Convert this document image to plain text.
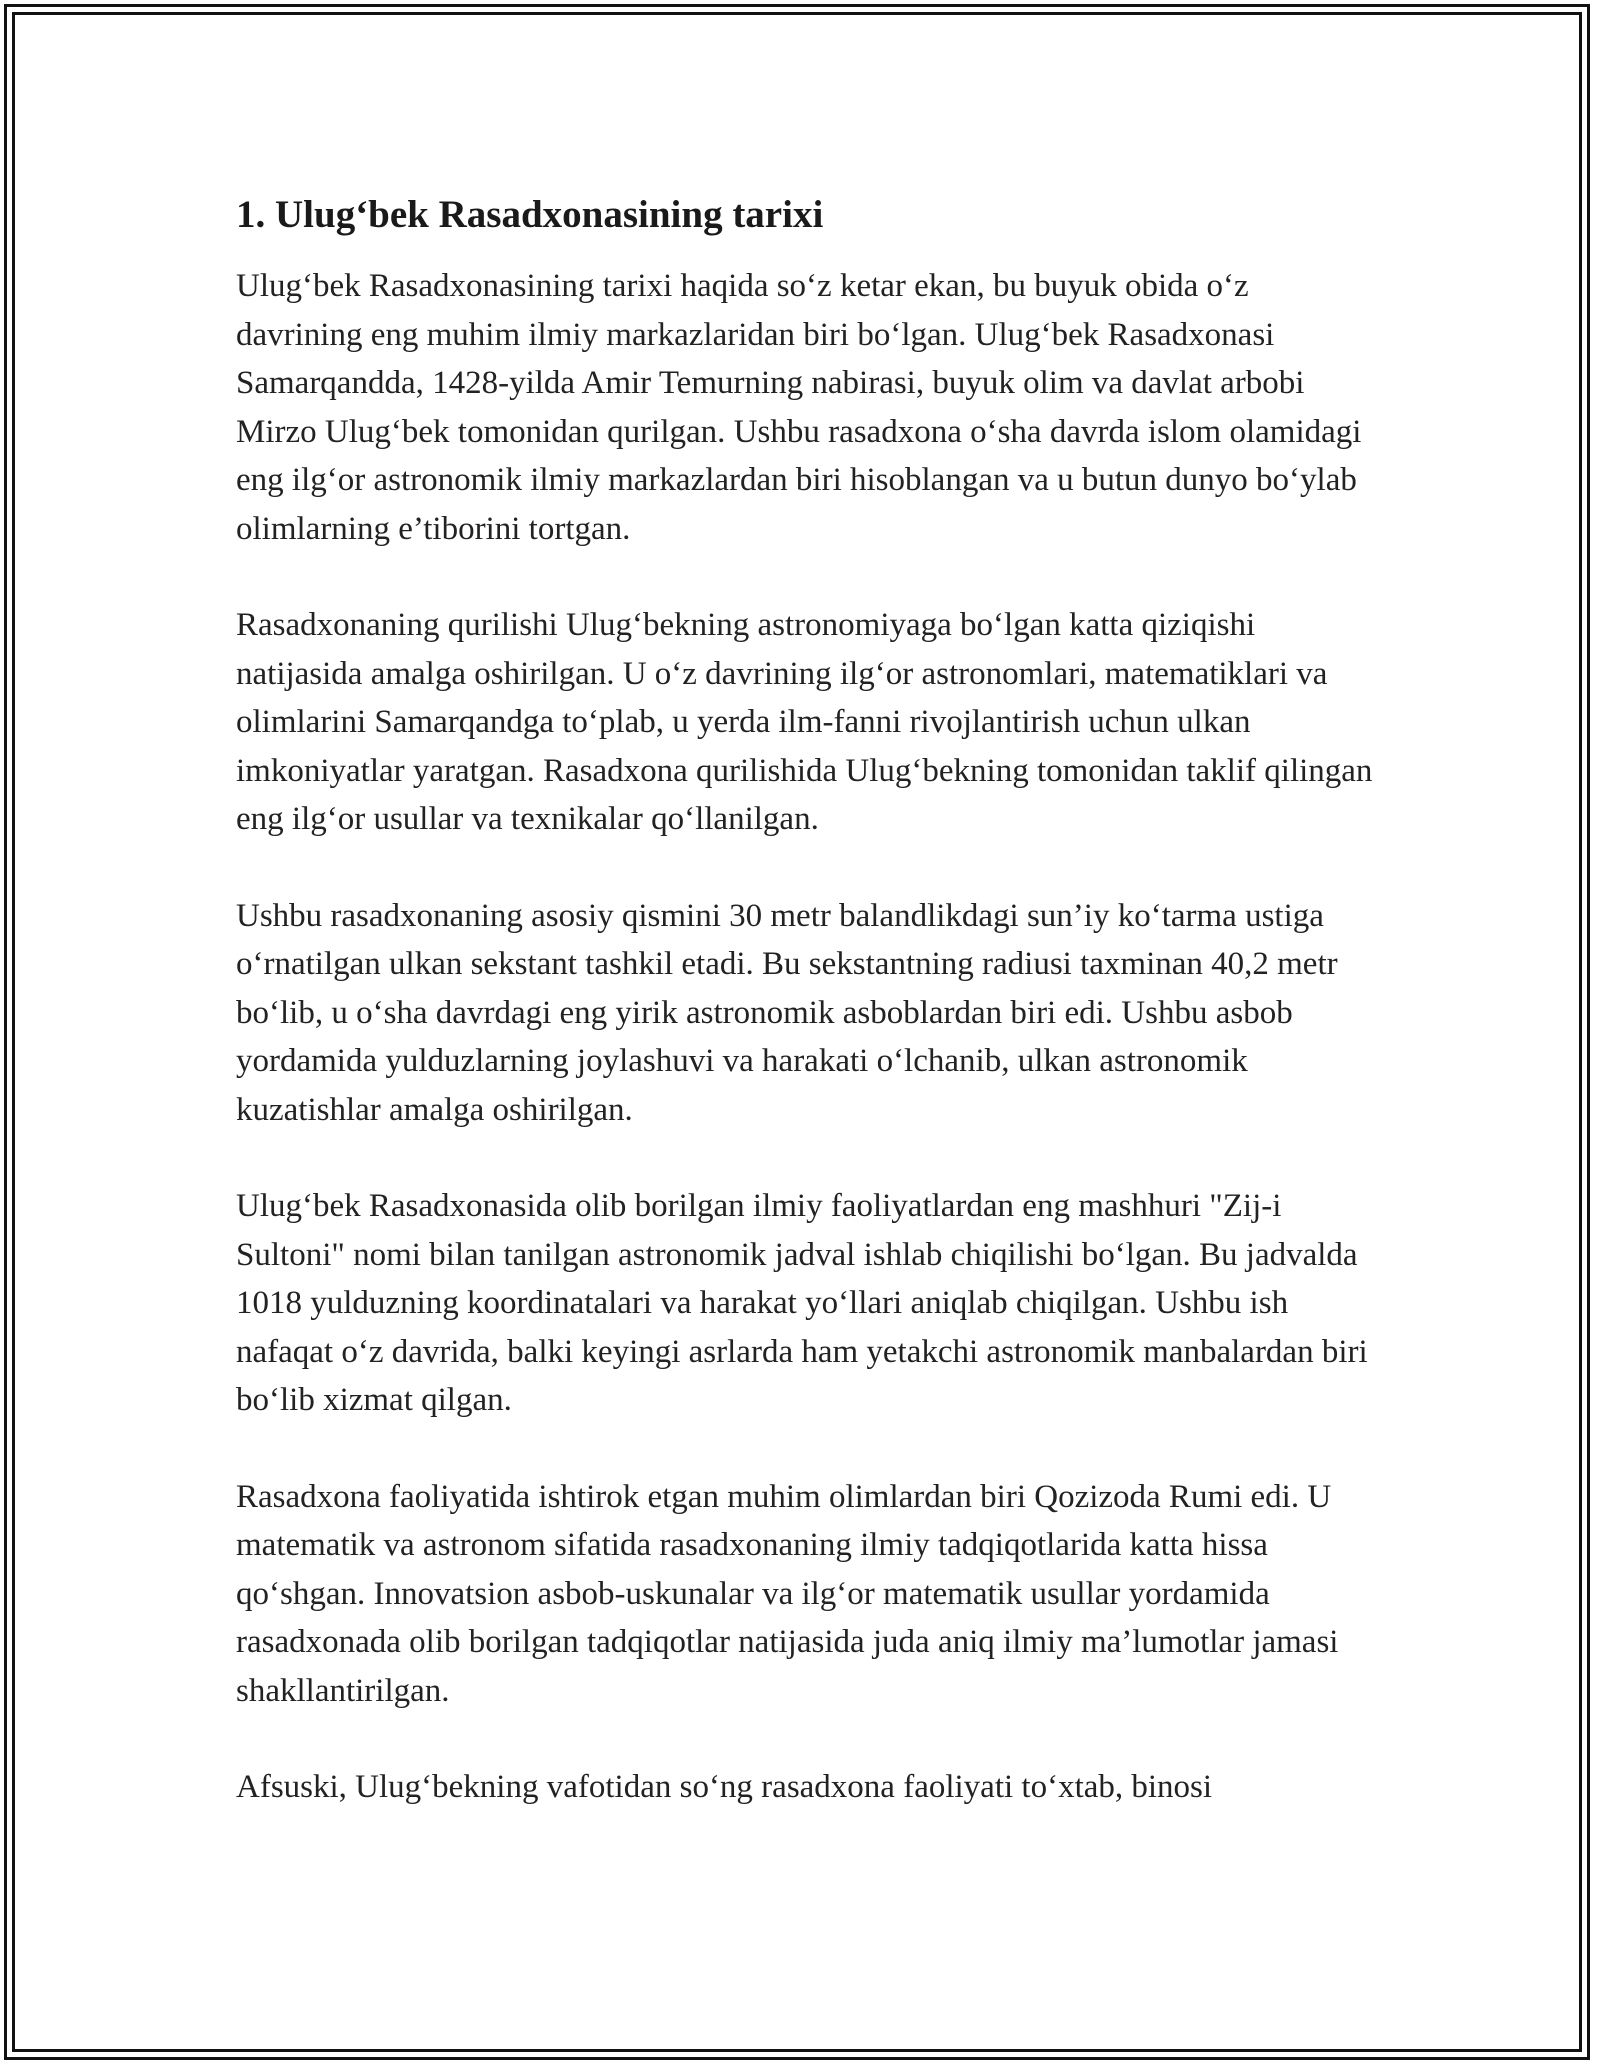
1. Ulug‘bek Rasadxonasining tarixi

Ulug‘bek Rasadxonasining tarixi haqida so‘z ketar ekan, bu buyuk obida o‘z davrining eng muhim ilmiy markazlaridan biri bo‘lgan. Ulug‘bek Rasadxonasi Samarqandda, 1428-yilda Amir Temurning nabirasi, buyuk olim va davlat arbobi Mirzo Ulug‘bek tomonidan qurilgan. Ushbu rasadxona o‘sha davrda islom olamidagi eng ilg‘or astronomik ilmiy markazlardan biri hisoblangan va u butun dunyo bo‘ylab olimlarning e’tiborini tortgan.

Rasadxonaning qurilishi Ulug‘bekning astronomiyaga bo‘lgan katta qiziqishi natijasida amalga oshirilgan. U o‘z davrining ilg‘or astronomlari, matematiklari va olimlarini Samarqandga to‘plab, u yerda ilm-fanni rivojlantirish uchun ulkan imkoniyatlar yaratgan. Rasadxona qurilishida Ulug‘bekning tomonidan taklif qilingan eng ilg‘or usullar va texnikalar qo‘llanilgan.

Ushbu rasadxonaning asosiy qismini 30 metr balandlikdagi sun’iy ko‘tarma ustiga o‘rnatilgan ulkan sekstant tashkil etadi. Bu sekstantning radiusi taxminan 40,2 metr bo‘lib, u o‘sha davrdagi eng yirik astronomik asboblardan biri edi. Ushbu asbob yordamida yulduzlarning joylashuvi va harakati o‘lchanib, ulkan astronomik kuzatishlar amalga oshirilgan.

Ulug‘bek Rasadxonasida olib borilgan ilmiy faoliyatlardan eng mashhuri "Zij-i Sultoni" nomi bilan tanilgan astronomik jadval ishlab chiqilishi bo‘lgan. Bu jadvalda 1018 yulduzning koordinatalari va harakat yo‘llari aniqlab chiqilgan. Ushbu ish nafaqat o‘z davrida, balki keyingi asrlarda ham yetakchi astronomik manbalardan biri bo‘lib xizmat qilgan.

Rasadxona faoliyatida ishtirok etgan muhim olimlardan biri Qozizoda Rumi edi. U matematik va astronom sifatida rasadxonaning ilmiy tadqiqotlarida katta hissa qo‘shgan. Innovatsion asbob-uskunalar va ilg‘or matematik usullar yordamida rasadxonada olib borilgan tadqiqotlar natijasida juda aniq ilmiy ma’lumotlar jamasi shakllantirilgan.

Afsuski, Ulug‘bekning vafotidan so‘ng rasadxona faoliyati to‘xtab, binosi
